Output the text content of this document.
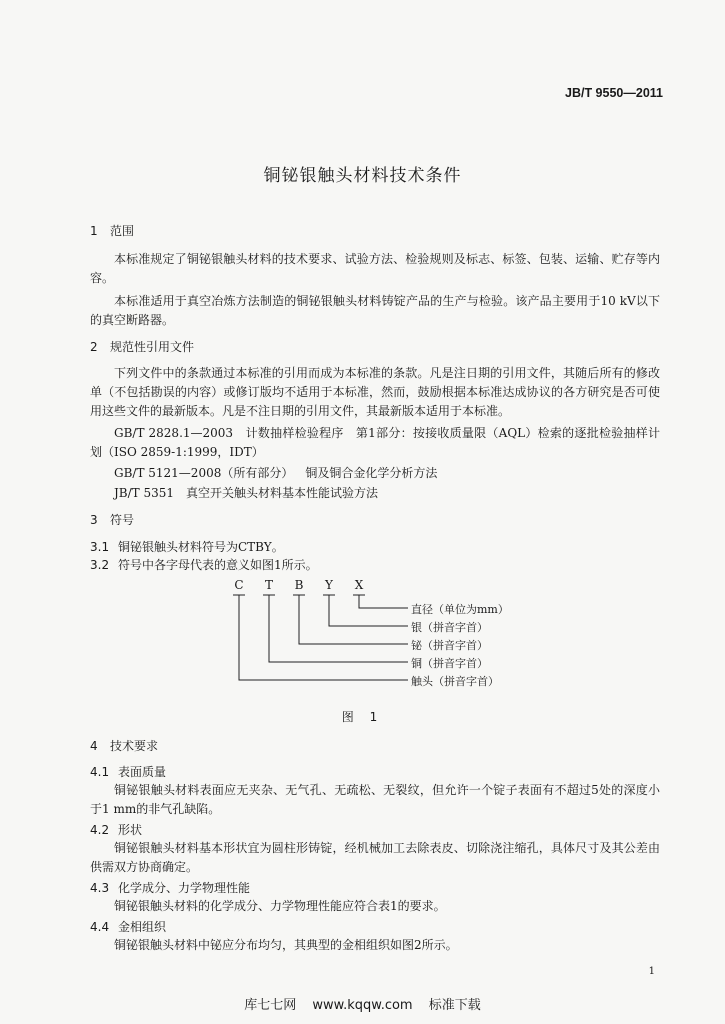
JB/T 9550—2011
铜铋银触头材料技术条件
1 范围
本标准规定了铜铋银触头材料的技术要求、试验方法、检验规则及标志、标签、包装、运输、贮存等内容。
本标准适用于真空冶炼方法制造的铜铋银触头材料铸锭产品的生产与检验。该产品主要用于10 kV以下的真空断路器。
2 规范性引用文件
下列文件中的条款通过本标准的引用而成为本标准的条款。凡是注日期的引用文件，其随后所有的修改单（不包括勘误的内容）或修订版均不适用于本标准，然而，鼓励根据本标准达成协议的各方研究是否可使用这些文件的最新版本。凡是不注日期的引用文件，其最新版本适用于本标准。
GB/T 2828.1—2003　计数抽样检验程序　第1部分：按接收质量限（AQL）检索的逐批检验抽样计划（ISO 2859-1:1999，IDT）
GB/T 5121—2008（所有部分） 铜及铜合金化学分析方法
JB/T 5351 真空开关触头材料基本性能试验方法
3 符号
3.1 铜铋银触头材料符号为CTBY。
3.2 符号中各字母代表的意义如图1所示。
C T B Y X
直径（单位为mm）
银（拼音字首）
铋（拼音字首）
铜（拼音字首）
触头（拼音字首）
图 1
4 技术要求
4.1 表面质量
铜铋银触头材料表面应无夹杂、无气孔、无疏松、无裂纹，但允许一个锭子表面有不超过5处的深度小于1 mm的非气孔缺陷。
4.2 形状
铜铋银触头材料基本形状宜为圆柱形铸锭，经机械加工去除表皮、切除浇注缩孔，具体尺寸及其公差由供需双方协商确定。
4.3 化学成分、力学物理性能
铜铋银触头材料的化学成分、力学物理性能应符合表1的要求。
4.4 金相组织
铜铋银触头材料中铋应分布均匀，其典型的金相组织如图2所示。
1
库七七网 www.kqqw.com 标准下载
